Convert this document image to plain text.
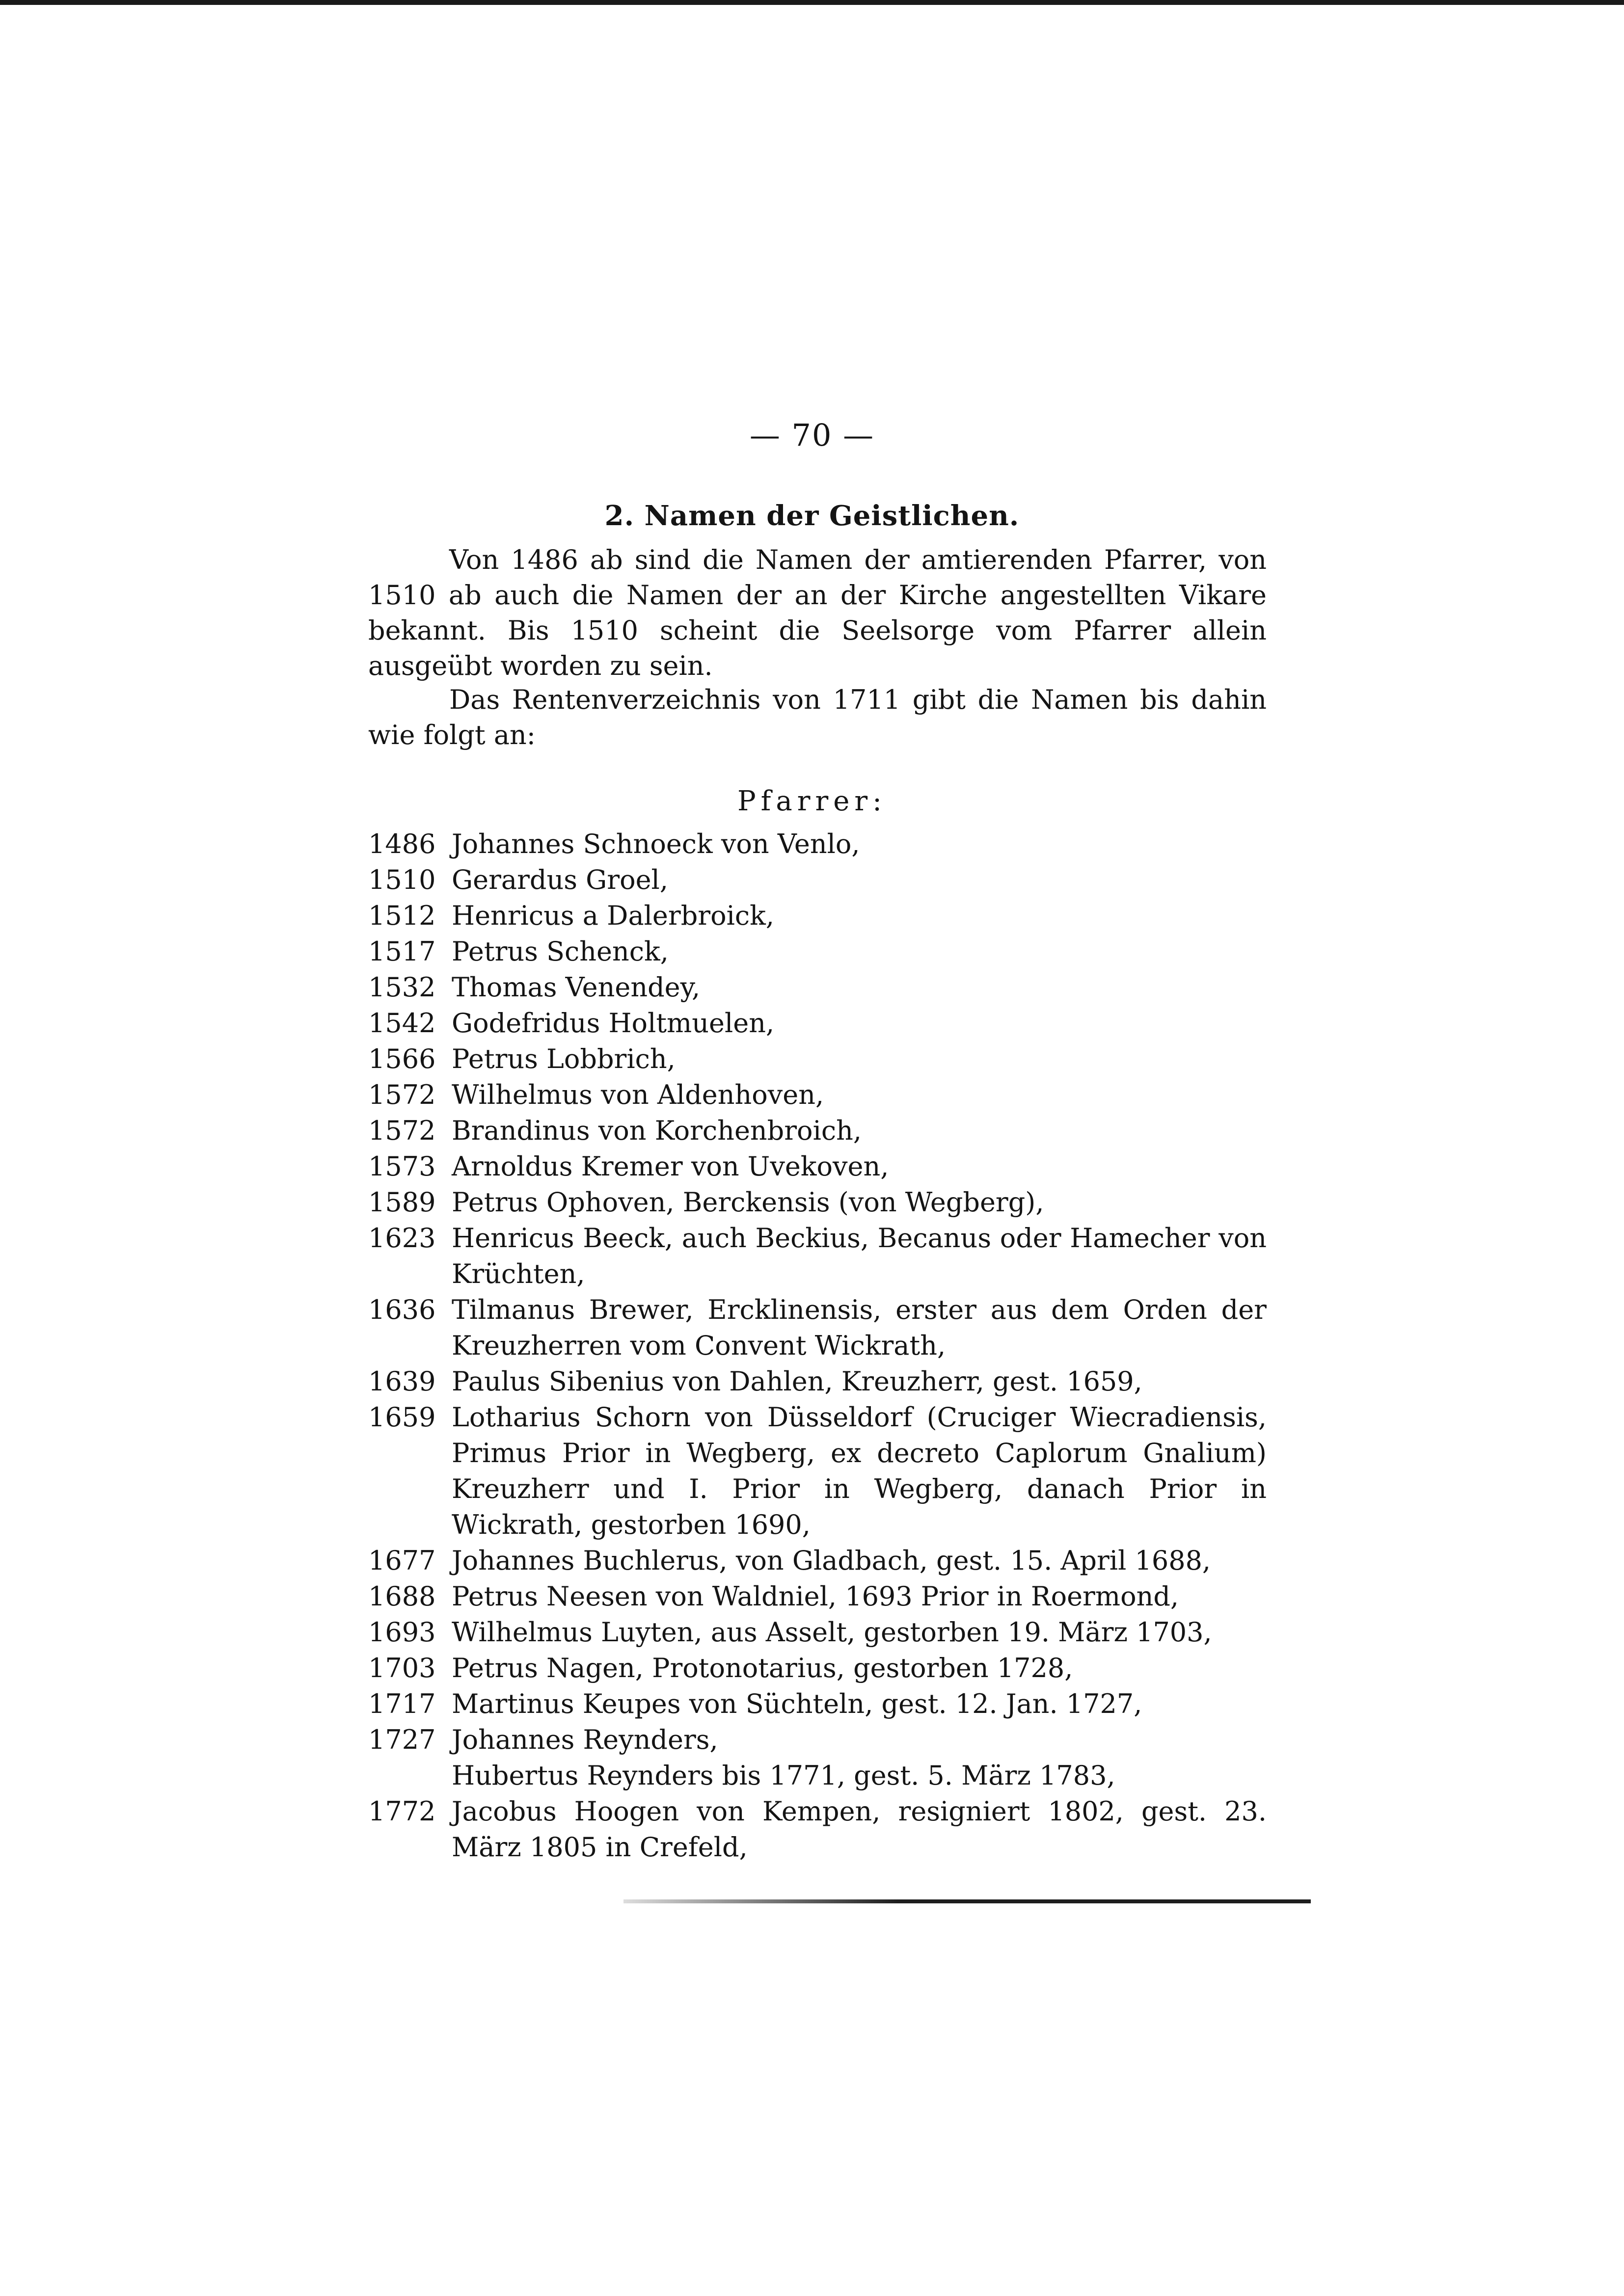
— 70 —
2. Namen der Geistlichen.

Von 1486 ab sind die Namen der amtierenden Pfarrer, von 1510 ab auch die Namen der an der Kirche angestellten Vikare bekannt. Bis 1510 scheint die Seelsorge vom Pfarrer allein ausgeübt worden zu sein.

Das Rentenverzeichnis von 1711 gibt die Namen bis dahin wie folgt an:

Pfarrer:
1486 Johannes Schnoeck von Venlo,
1510 Gerardus Groel,
1512 Henricus a Dalerbroick,
1517 Petrus Schenck,
1532 Thomas Venendey,
1542 Godefridus Holtmuelen,
1566 Petrus Lobbrich,
1572 Wilhelmus von Aldenhoven,
1572 Brandinus von Korchenbroich,
1573 Arnoldus Kremer von Uvekoven,
1589 Petrus Ophoven, Berckensis (von Wegberg),
1623 Henricus Beeck, auch Beckius, Becanus oder Hamecher von Krüchten,
1636 Tilmanus Brewer, Ercklinensis, erster aus dem Orden der Kreuzherren vom Convent Wickrath,
1639 Paulus Sibenius von Dahlen, Kreuzherr, gest. 1659,
1659 Lotharius Schorn von Düsseldorf (Cruciger Wiecradiensis, Primus Prior in Wegberg, ex decreto Caplorum Gnalium) Kreuzherr und I. Prior in Wegberg, danach Prior in Wickrath, gestorben 1690,
1677 Johannes Buchlerus, von Gladbach, gest. 15. April 1688,
1688 Petrus Neesen von Waldniel, 1693 Prior in Roermond,
1693 Wilhelmus Luyten, aus Asselt, gestorben 19. März 1703,
1703 Petrus Nagen, Protonotarius, gestorben 1728,
1717 Martinus Keupes von Süchteln, gest. 12. Jan. 1727,
1727 Johannes Reynders,
Hubertus Reynders bis 1771, gest. 5. März 1783,
1772 Jacobus Hoogen von Kempen, resigniert 1802, gest. 23. März 1805 in Crefeld,
